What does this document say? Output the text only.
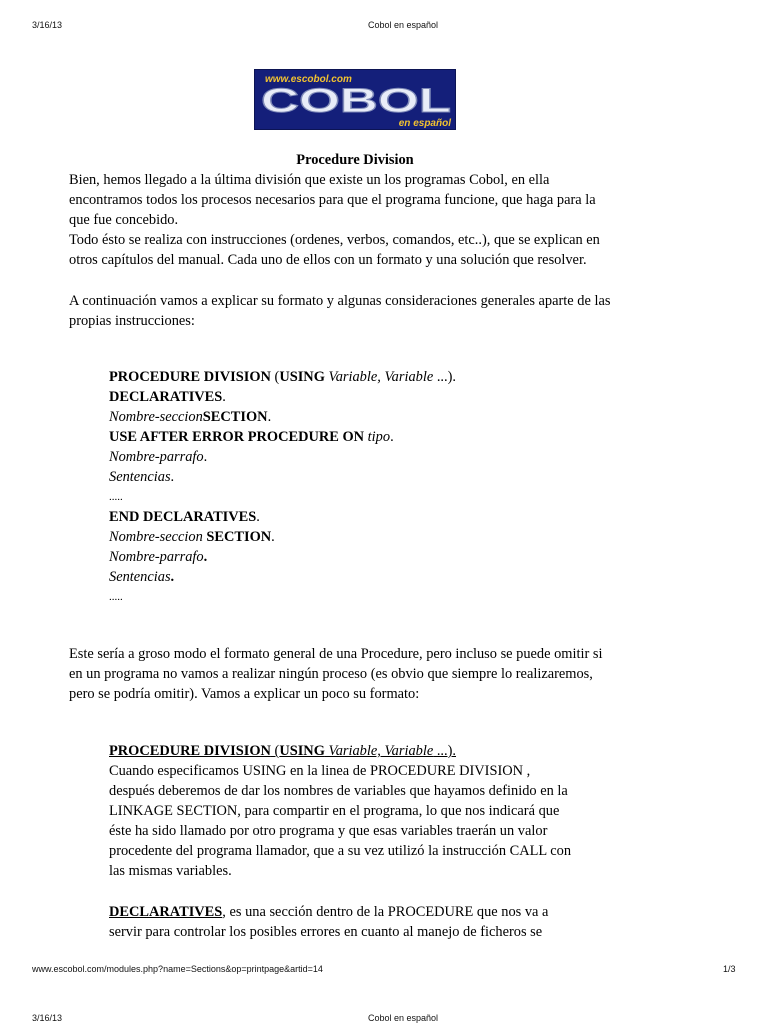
3/16/13	Cobol en español
www.escobol.com
COBOL
en español
Procedure Division
Bien, hemos llegado a la última división que existe un los programas Cobol, en ella
encontramos todos los procesos necesarios para que el programa funcione, que haga para la
que fue concebido.
Todo ésto se realiza con instrucciones (ordenes, verbos, comandos, etc..), que se explican en
otros capítulos del manual. Cada uno de ellos con un formato y una solución que resolver.
A continuación vamos a explicar su formato y algunas consideraciones generales aparte de las
propias instrucciones:
PROCEDURE DIVISION (USING Variable, Variable ...).
DECLARATIVES.
Nombre-seccionSECTION.
USE AFTER ERROR PROCEDURE ON tipo.
Nombre-parrafo.
Sentencias.
.....
END DECLARATIVES.
Nombre-seccion SECTION.
Nombre-parrafo.
Sentencias.
.....
Este sería a groso modo el formato general de una Procedure, pero incluso se puede omitir si
en un programa no vamos a realizar ningún proceso (es obvio que siempre lo realizaremos,
pero se podría omitir). Vamos a explicar un poco su formato:
PROCEDURE DIVISION (USING Variable, Variable ...).
Cuando especificamos USING en la linea de PROCEDURE DIVISION ,
después deberemos de dar los nombres de variables que hayamos definido en la
LINKAGE SECTION, para compartir en el programa, lo que nos indicará que
éste ha sido llamado por otro programa y que esas variables traerán un valor
procedente del programa llamador, que a su vez utilizó la instrucción CALL con
las mismas variables.
DECLARATIVES, es una sección dentro de la PROCEDURE que nos va a
servir para controlar los posibles errores en cuanto al manejo de ficheros se
www.escobol.com/modules.php?name=Sections&op=printpage&artid=14	1/3
3/16/13	Cobol en español
